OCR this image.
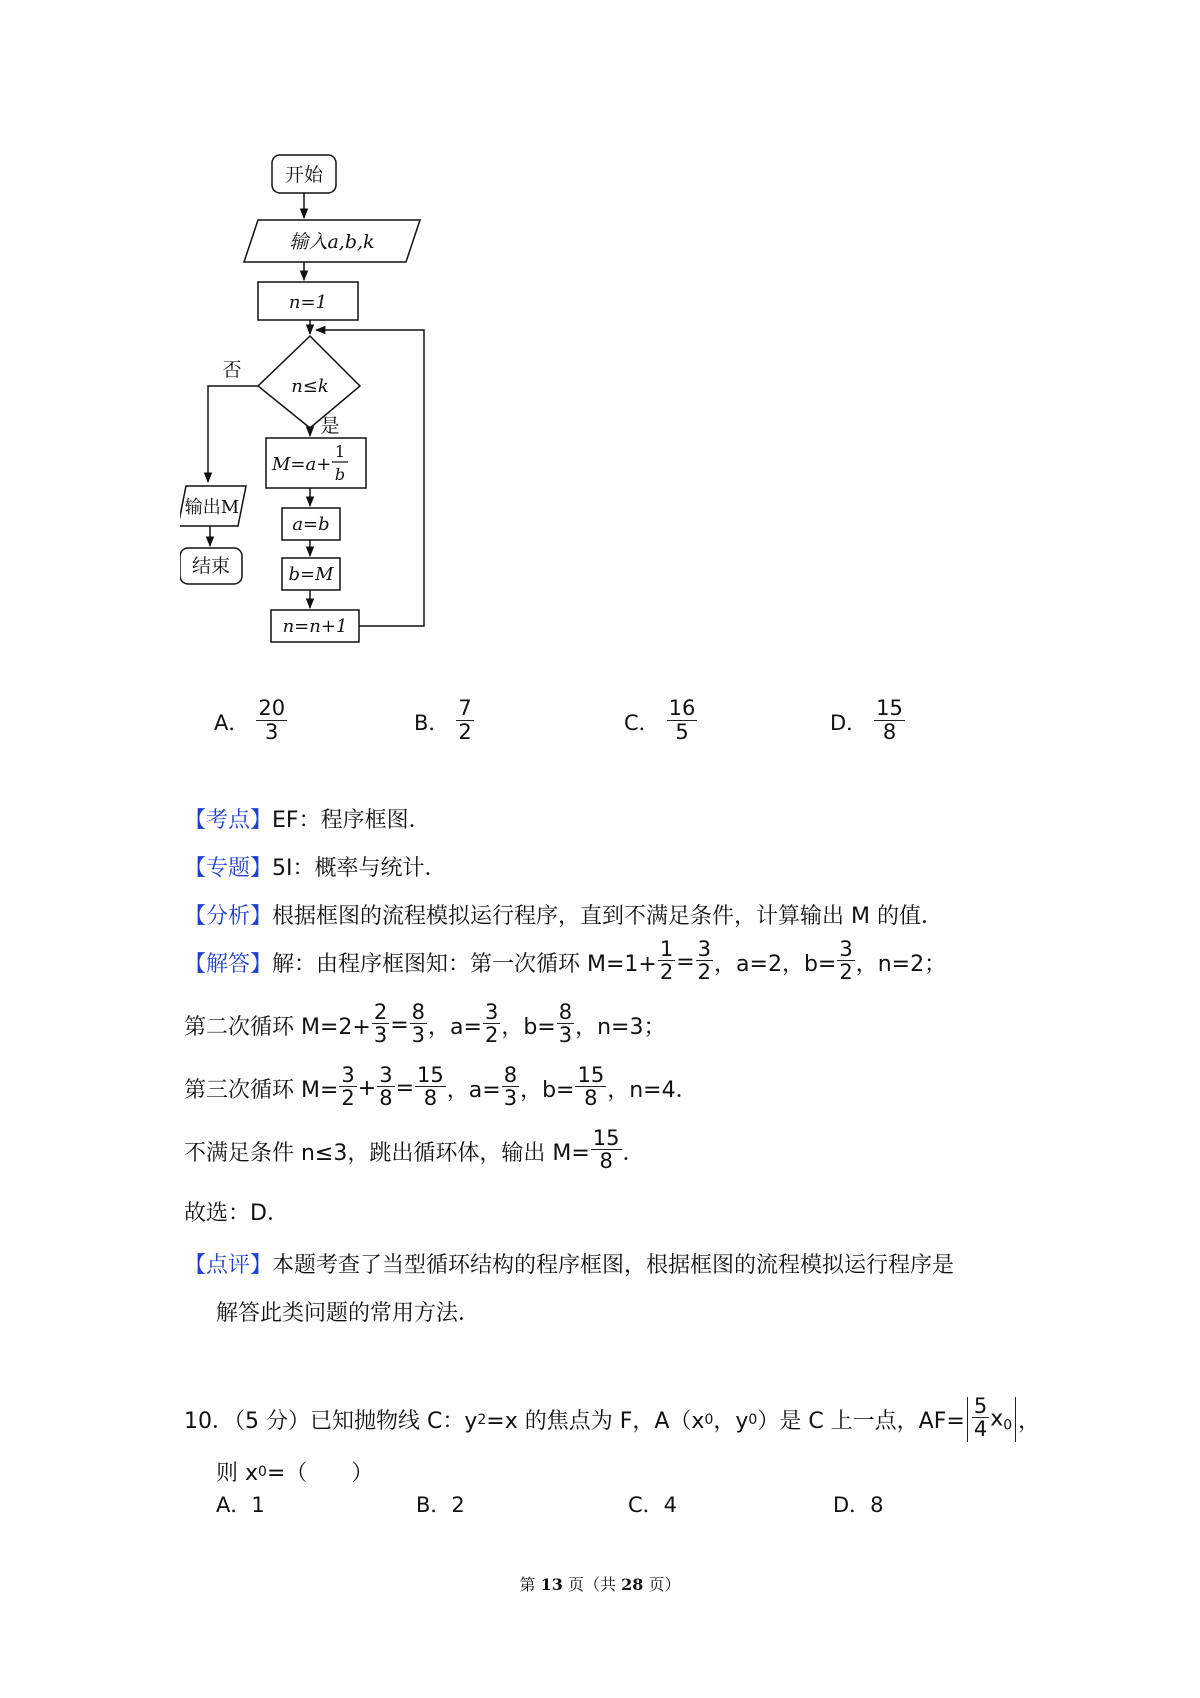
开始
输入a,b,k
n=1
n≤k
否
是
M=a+
1
b
a=b
b=M
n=n+1
输出M
结束
A． $\frac{20}{3}$	B． $\frac{7}{2}$	C． $\frac{16}{5}$	D． $\frac{15}{8}$
【考点】 EF：程序框图．
【专题】 5I：概率与统计．
【分析】 根据框图的流程模拟运行程序，直到不满足条件，计算输出 M 的值．
【解答】 解：由程序框图知：第一次循环 $M=1+ \frac{1}{2} = \frac{3}{2}$ ，a=2，$b= \frac{3}{2}$ ，n=2；
第二次循环 $M=2+ \frac{2}{3} = \frac{8}{3}$ ，$a= \frac{3}{2}$ ，$b= \frac{8}{3}$ ，n=3；
第三次循环 $M= \frac{3}{2} + \frac{3}{8} = \frac{15}{8}$ ，$a= \frac{8}{3}$ ，$b= \frac{15}{8}$ ，n=4．
不满足条件 n≤3，跳出循环体，输出 $M= \frac{15}{8}$ ．
故选：D．
【点评】 本题考查了当型循环结构的程序框图，根据框图的流程模拟运行程序是
解答此类问题的常用方法．
10．（5 分）已知抛物线 C：y 2 =x 的焦点为 F，A（x 0 ，y 0 ）是 C 上一点，$AF= \frac{5}{4} x_0$ ，
则 x 0 =（　　）
A．1	B．2	C．4	D．8
第 13 页（共 28 页）
